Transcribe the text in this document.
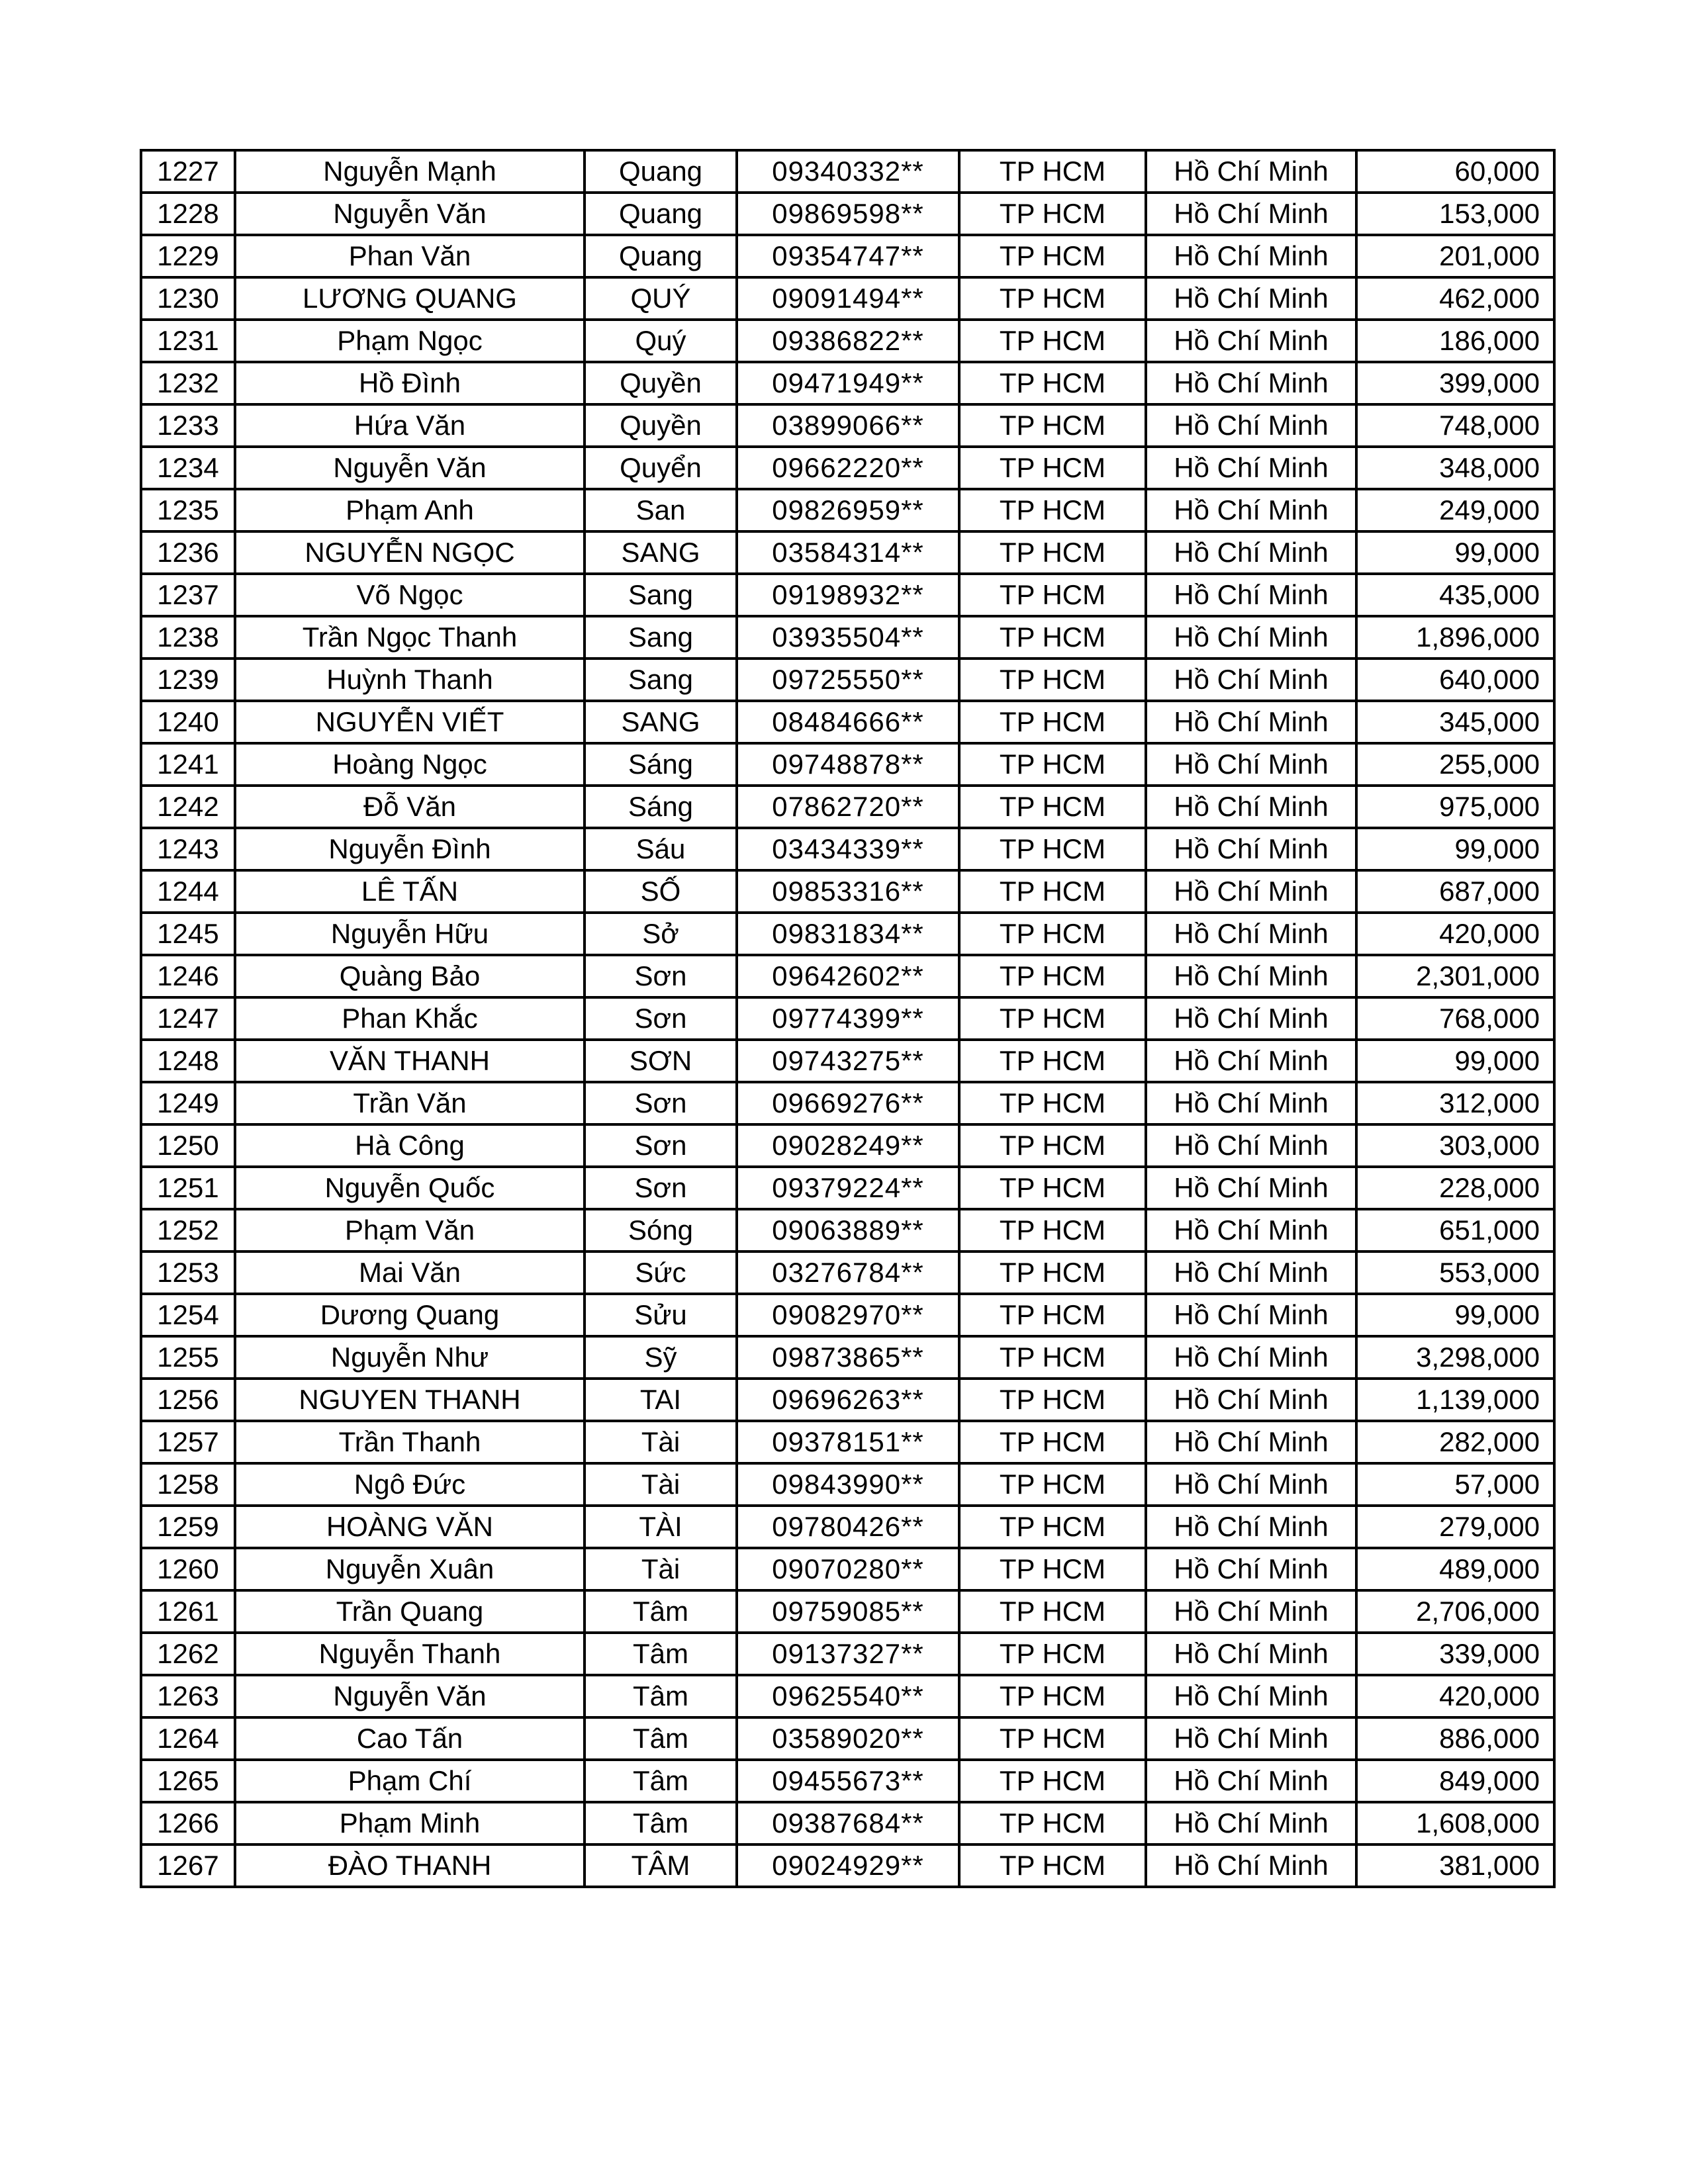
1227	Nguyễn Mạnh	Quang	09340332**	TP HCM	Hồ Chí Minh	60,000
1228	Nguyễn Văn	Quang	09869598**	TP HCM	Hồ Chí Minh	153,000
1229	Phan Văn	Quang	09354747**	TP HCM	Hồ Chí Minh	201,000
1230	LƯƠNG QUANG	QUÝ	09091494**	TP HCM	Hồ Chí Minh	462,000
1231	Phạm Ngọc	Quý	09386822**	TP HCM	Hồ Chí Minh	186,000
1232	Hồ Đình	Quyền	09471949**	TP HCM	Hồ Chí Minh	399,000
1233	Hứa Văn	Quyền	03899066**	TP HCM	Hồ Chí Minh	748,000
1234	Nguyễn Văn	Quyển	09662220**	TP HCM	Hồ Chí Minh	348,000
1235	Phạm Anh	San	09826959**	TP HCM	Hồ Chí Minh	249,000
1236	NGUYỄN NGỌC	SANG	03584314**	TP HCM	Hồ Chí Minh	99,000
1237	Võ Ngọc	Sang	09198932**	TP HCM	Hồ Chí Minh	435,000
1238	Trần Ngọc Thanh	Sang	03935504**	TP HCM	Hồ Chí Minh	1,896,000
1239	Huỳnh Thanh	Sang	09725550**	TP HCM	Hồ Chí Minh	640,000
1240	NGUYỄN VIẾT	SANG	08484666**	TP HCM	Hồ Chí Minh	345,000
1241	Hoàng Ngọc	Sáng	09748878**	TP HCM	Hồ Chí Minh	255,000
1242	Đỗ Văn	Sáng	07862720**	TP HCM	Hồ Chí Minh	975,000
1243	Nguyễn Đình	Sáu	03434339**	TP HCM	Hồ Chí Minh	99,000
1244	LÊ TẤN	SỐ	09853316**	TP HCM	Hồ Chí Minh	687,000
1245	Nguyễn Hữu	Sở	09831834**	TP HCM	Hồ Chí Minh	420,000
1246	Quàng Bảo	Sơn	09642602**	TP HCM	Hồ Chí Minh	2,301,000
1247	Phan Khắc	Sơn	09774399**	TP HCM	Hồ Chí Minh	768,000
1248	VĂN THANH	SƠN	09743275**	TP HCM	Hồ Chí Minh	99,000
1249	Trần Văn	Sơn	09669276**	TP HCM	Hồ Chí Minh	312,000
1250	Hà Công	Sơn	09028249**	TP HCM	Hồ Chí Minh	303,000
1251	Nguyễn Quốc	Sơn	09379224**	TP HCM	Hồ Chí Minh	228,000
1252	Phạm Văn	Sóng	09063889**	TP HCM	Hồ Chí Minh	651,000
1253	Mai Văn	Sức	03276784**	TP HCM	Hồ Chí Minh	553,000
1254	Dương Quang	Sửu	09082970**	TP HCM	Hồ Chí Minh	99,000
1255	Nguyễn Như	Sỹ	09873865**	TP HCM	Hồ Chí Minh	3,298,000
1256	NGUYEN THANH	TAI	09696263**	TP HCM	Hồ Chí Minh	1,139,000
1257	Trần Thanh	Tài	09378151**	TP HCM	Hồ Chí Minh	282,000
1258	Ngô Đức	Tài	09843990**	TP HCM	Hồ Chí Minh	57,000
1259	HOÀNG VĂN	TÀI	09780426**	TP HCM	Hồ Chí Minh	279,000
1260	Nguyễn Xuân	Tài	09070280**	TP HCM	Hồ Chí Minh	489,000
1261	Trần Quang	Tâm	09759085**	TP HCM	Hồ Chí Minh	2,706,000
1262	Nguyễn Thanh	Tâm	09137327**	TP HCM	Hồ Chí Minh	339,000
1263	Nguyễn Văn	Tâm	09625540**	TP HCM	Hồ Chí Minh	420,000
1264	Cao Tấn	Tâm	03589020**	TP HCM	Hồ Chí Minh	886,000
1265	Phạm Chí	Tâm	09455673**	TP HCM	Hồ Chí Minh	849,000
1266	Phạm Minh	Tâm	09387684**	TP HCM	Hồ Chí Minh	1,608,000
1267	ĐÀO THANH	TÂM	09024929**	TP HCM	Hồ Chí Minh	381,000
